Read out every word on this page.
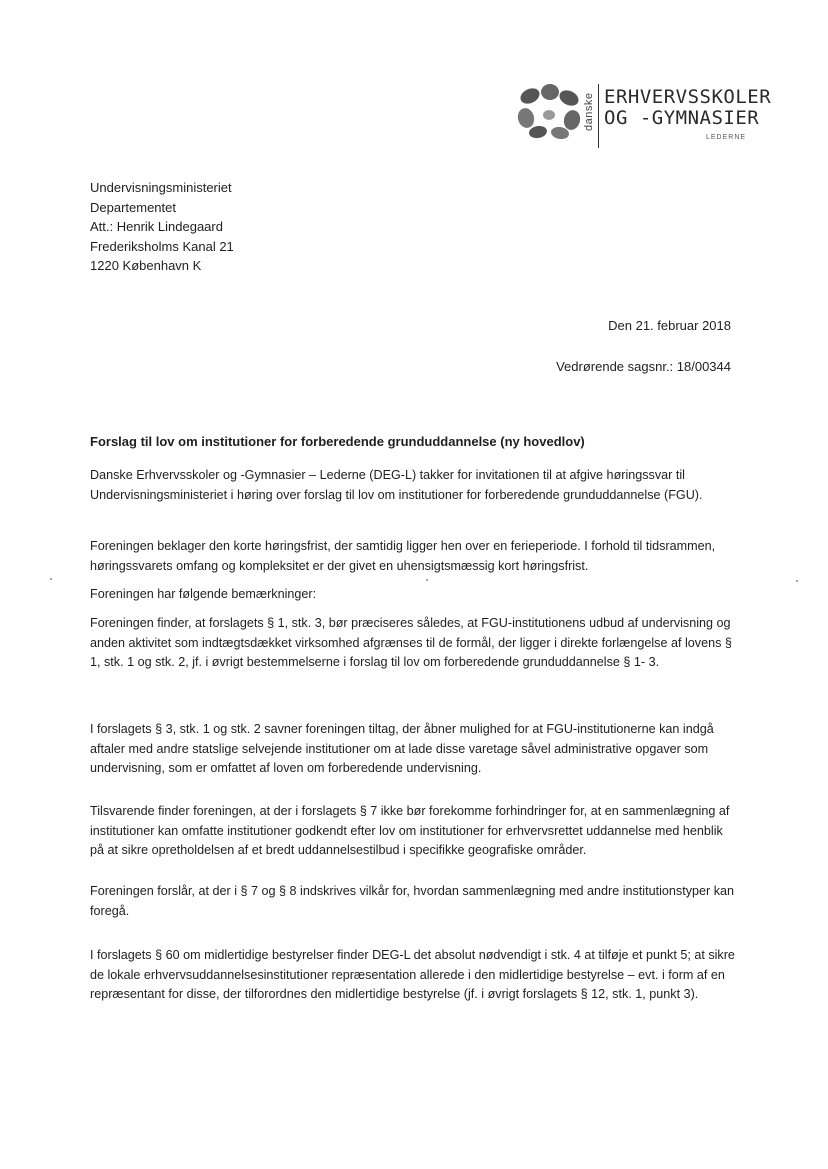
danske ERHVERVSSKOLER
OG -GYMNASIER
LEDERNE
Undervisningsministeriet
Departementet
Att.: Henrik Lindegaard
Frederiksholms Kanal 21
1220 København K
Den 21. februar 2018
Vedrørende sagsnr.: 18/00344
Forslag til lov om institutioner for forberedende grunduddannelse (ny hovedlov)

Danske Erhvervsskoler og -Gymnasier – Lederne (DEG-L) takker for invitationen til at afgive høringssvar til Undervisningsministeriet i høring over forslag til lov om institutioner for forberedende grunduddannelse (FGU).

Foreningen beklager den korte høringsfrist, der samtidig ligger hen over en ferieperiode. I forhold til tidsrammen, høringssvarets omfang og kompleksitet er der givet en uhensigtsmæssig kort høringsfrist.

Foreningen har følgende bemærkninger:

Foreningen finder, at forslagets § 1, stk. 3, bør præciseres således, at FGU-institutionens udbud af undervisning og anden aktivitet som indtægtsdækket virksomhed afgrænses til de formål, der ligger i direkte forlængelse af lovens § 1, stk. 1 og stk. 2, jf. i øvrigt bestemmelserne i forslag til lov om forberedende grunduddannelse § 1- 3.

I forslagets § 3, stk. 1 og stk. 2 savner foreningen tiltag, der åbner mulighed for at FGU-institutionerne kan indgå aftaler med andre statslige selvejende institutioner om at lade disse varetage såvel administrative opgaver som undervisning, som er omfattet af loven om forberedende undervisning.

Tilsvarende finder foreningen, at der i forslagets § 7 ikke bør forekomme forhindringer for, at en sammenlægning af institutioner kan omfatte institutioner godkendt efter lov om institutioner for erhvervsrettet uddannelse med henblik på at sikre opretholdelsen af et bredt uddannelsestilbud i specifikke geografiske områder.

Foreningen forslår, at der i § 7 og § 8 indskrives vilkår for, hvordan sammenlægning med andre institutionstyper kan foregå.

I forslagets § 60 om midlertidige bestyrelser finder DEG-L det absolut nødvendigt i stk. 4 at tilføje et punkt 5; at sikre de lokale erhvervsuddannelsesinstitutioner repræsentation allerede i den midlertidige bestyrelse – evt. i form af en repræsentant for disse, der tilforordnes den midlertidige bestyrelse (jf. i øvrigt forslagets § 12, stk. 1, punkt 3).
